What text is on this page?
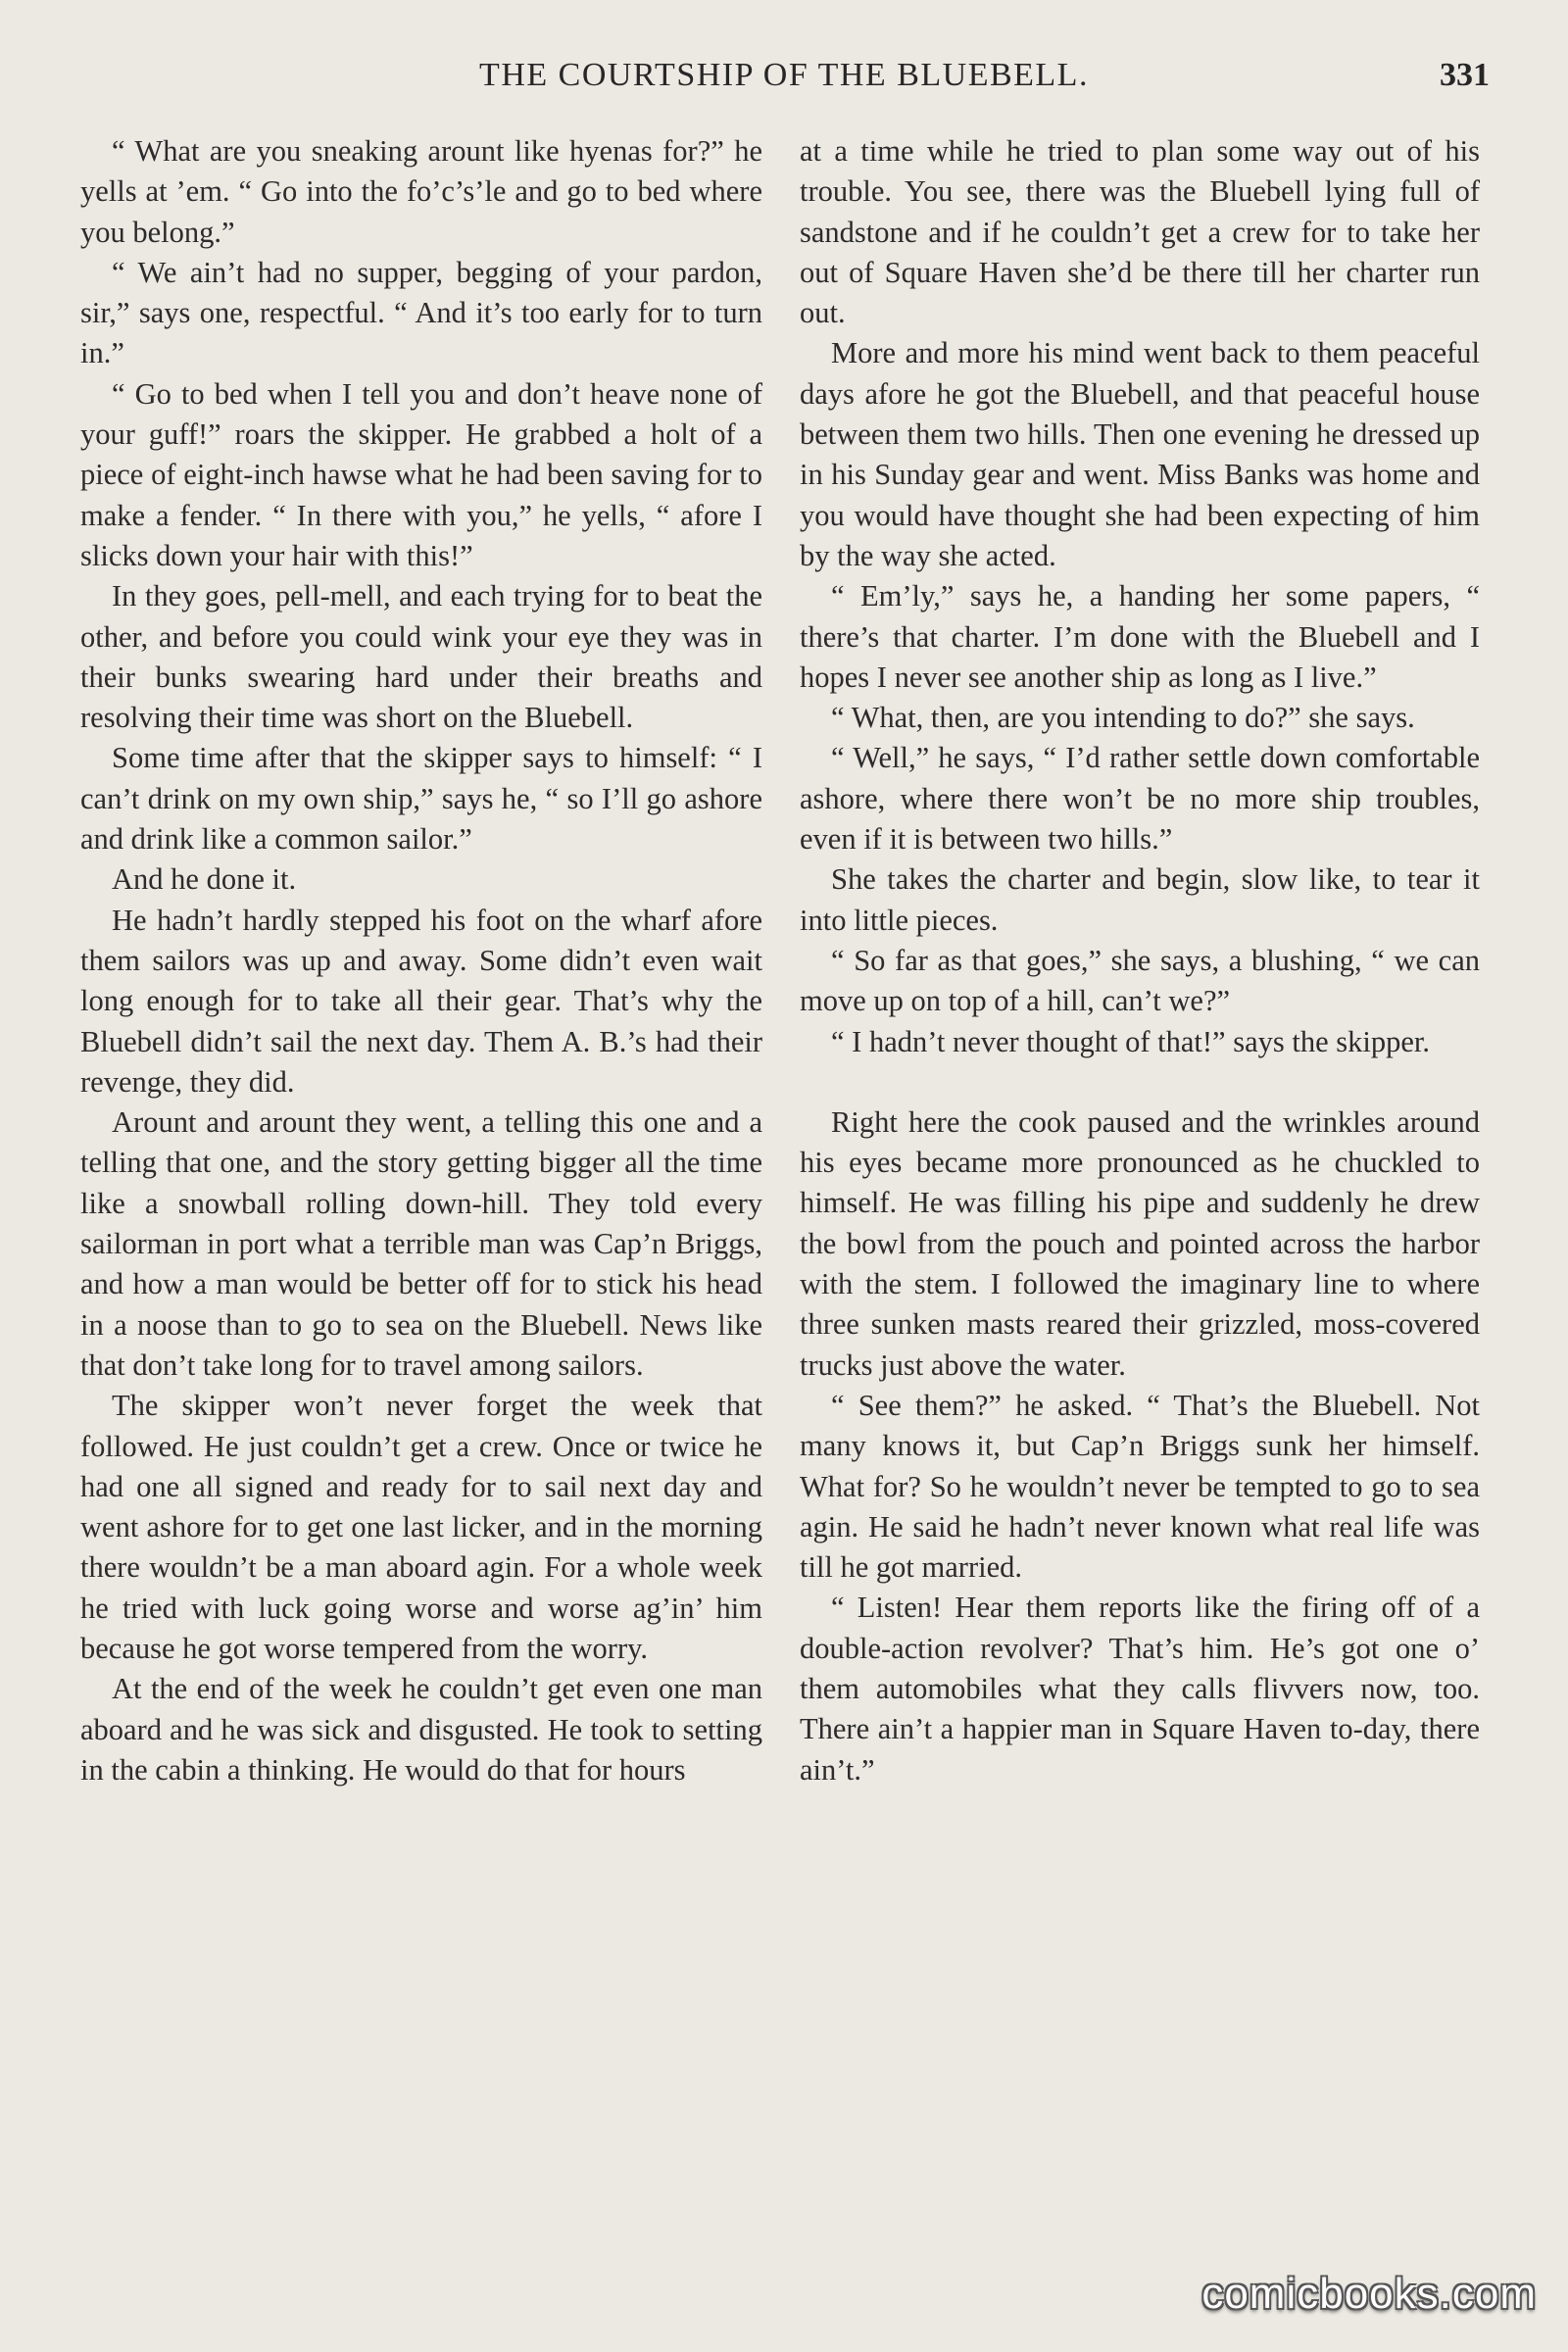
THE COURTSHIP OF THE BLUEBELL.	331

“ What are you sneaking arount like hyenas for?” he yells at ’em. “ Go into the fo’c’s’le and go to bed where you belong.”

“ We ain’t had no supper, begging of your pardon, sir,” says one, respectful. “ And it’s too early for to turn in.”

“ Go to bed when I tell you and don’t heave none of your guff!” roars the skipper. He grabbed a holt of a piece of eight-inch hawse what he had been saving for to make a fender. “ In there with you,” he yells, “ afore I slicks down your hair with this!”

In they goes, pell-mell, and each trying for to beat the other, and before you could wink your eye they was in their bunks swearing hard under their breaths and resolving their time was short on the Bluebell.

Some time after that the skipper says to himself: “ I can’t drink on my own ship,” says he, “ so I’ll go ashore and drink like a common sailor.”

And he done it.

He hadn’t hardly stepped his foot on the wharf afore them sailors was up and away. Some didn’t even wait long enough for to take all their gear. That’s why the Bluebell didn’t sail the next day. Them A. B.’s had their revenge, they did.

Arount and arount they went, a telling this one and a telling that one, and the story getting bigger all the time like a snowball rolling down-hill. They told every sailorman in port what a terrible man was Cap’n Briggs, and how a man would be better off for to stick his head in a noose than to go to sea on the Bluebell. News like that don’t take long for to travel among sailors.

The skipper won’t never forget the week that followed. He just couldn’t get a crew. Once or twice he had one all signed and ready for to sail next day and went ashore for to get one last licker, and in the morning there wouldn’t be a man aboard agin. For a whole week he tried with luck going worse and worse ag’in’ him because he got worse tempered from the worry.

At the end of the week he couldn’t get even one man aboard and he was sick and disgusted. He took to setting in the cabin a thinking. He would do that for hours

at a time while he tried to plan some way out of his trouble. You see, there was the Bluebell lying full of sandstone and if he couldn’t get a crew for to take her out of Square Haven she’d be there till her charter run out.

More and more his mind went back to them peaceful days afore he got the Bluebell, and that peaceful house between them two hills. Then one evening he dressed up in his Sunday gear and went. Miss Banks was home and you would have thought she had been expecting of him by the way she acted.

“ Em’ly,” says he, a handing her some papers, “ there’s that charter. I’m done with the Bluebell and I hopes I never see another ship as long as I live.”

“ What, then, are you intending to do?” she says.

“ Well,” he says, “ I’d rather settle down comfortable ashore, where there won’t be no more ship troubles, even if it is between two hills.”

She takes the charter and begin, slow like, to tear it into little pieces.

“ So far as that goes,” she says, a blushing, “ we can move up on top of a hill, can’t we?”

“ I hadn’t never thought of that!” says the skipper.

Right here the cook paused and the wrinkles around his eyes became more pronounced as he chuckled to himself. He was filling his pipe and suddenly he drew the bowl from the pouch and pointed across the harbor with the stem. I followed the imaginary line to where three sunken masts reared their grizzled, moss-covered trucks just above the water.

“ See them?” he asked. “ That’s the Bluebell. Not many knows it, but Cap’n Briggs sunk her himself. What for? So he wouldn’t never be tempted to go to sea agin. He said he hadn’t never known what real life was till he got married.

“ Listen! Hear them reports like the firing off of a double-action revolver? That’s him. He’s got one o’ them automobiles what they calls flivvers now, too. There ain’t a happier man in Square Haven to-day, there ain’t.”

comicbooks.com
